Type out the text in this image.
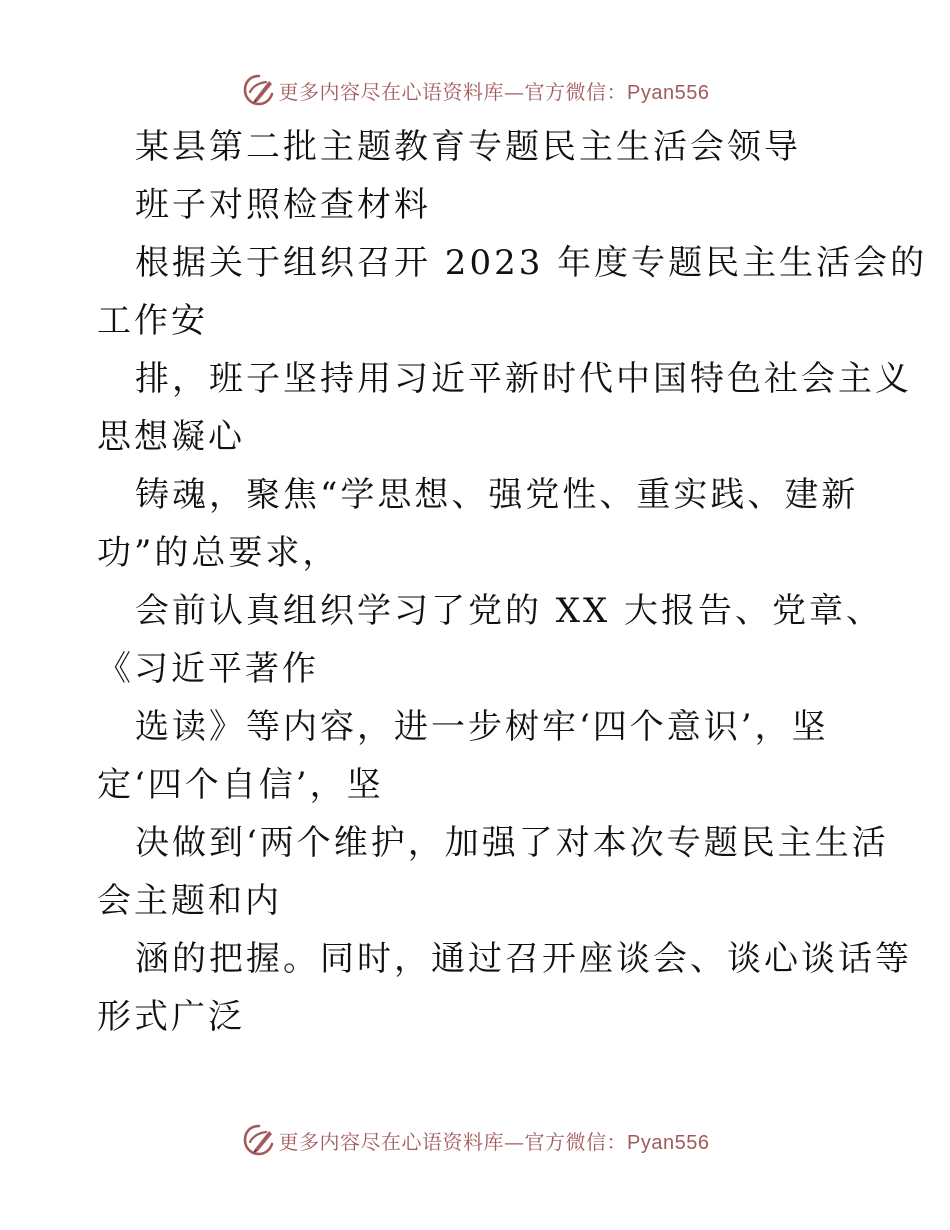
更多内容尽在心语资料库—官方微信：Pyan556
某县第二批主题教育专题民主生活会领导
班子对照检查材料
根据关于组织召开 2023 年度专题民主生活会的
工作安
排，班子坚持用习近平新时代中国特色社会主义
思想凝心
铸魂，聚焦“学思想、强党性、重实践、建新
功”的总要求，
会前认真组织学习了党的 XX 大报告、党章、
《习近平著作
选读》等内容，进一步树牢‘四个意识’，坚
定‘四个自信’，坚
决做到‘两个维护，加强了对本次专题民主生活
会主题和内
涵的把握。同时，通过召开座谈会、谈心谈话等
形式广泛
更多内容尽在心语资料库—官方微信：Pyan556
